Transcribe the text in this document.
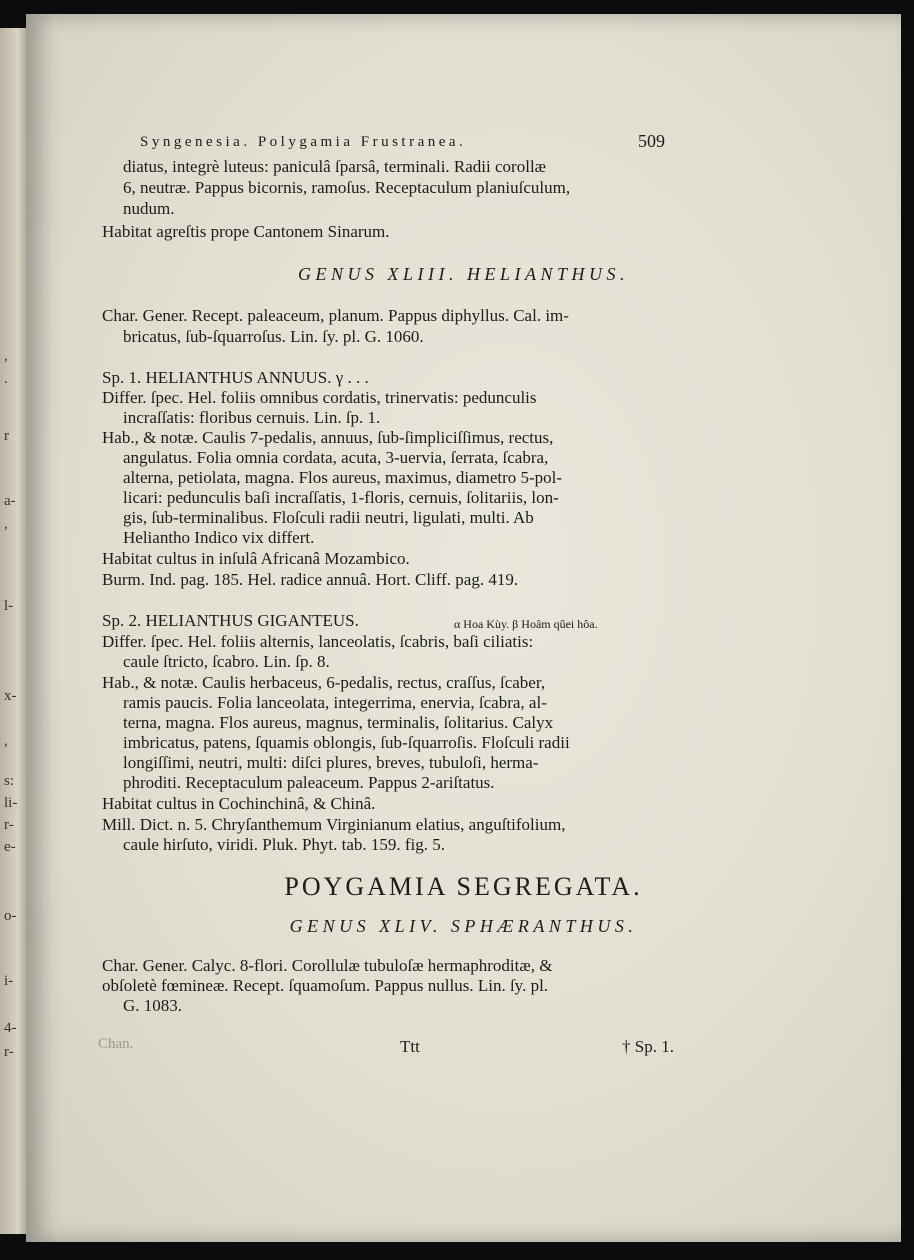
,
.
r
a-
,
l-
x-
,
s:
li-
r-
e-
o-
i-
4-
r-
Syngenesia. Polygamia Frustranea.	509
diatus, integrè luteus: paniculâ ſparsâ, terminali. Radii corollæ
6, neutræ. Pappus bicornis, ramoſus. Receptaculum planiuſculum,
nudum.
Habitat agreſtis prope Cantonem Sinarum.
GENUS XLIII. HELIANTHUS.
Char. Gener. Recept. paleaceum, planum. Pappus diphyllus. Cal. im-
bricatus, ſub-ſquarroſus. Lin. ſy. pl. G. 1060.
Sp. 1. HELIANTHUS ANNUUS. γ . . .
Differ. ſpec. Hel. foliis omnibus cordatis, trinervatis: pedunculis
incraſſatis: floribus cernuis. Lin. ſp. 1.
Hab., & notæ. Caulis 7-pedalis, annuus, ſub-ſimpliciſſimus, rectus,
angulatus. Folia omnia cordata, acuta, 3-uervia, ſerrata, ſcabra,
alterna, petiolata, magna. Flos aureus, maximus, diametro 5-pol-
licari: pedunculis baſi incraſſatis, 1-floris, cernuis, ſolitariis, lon-
gis, ſub-terminalibus. Floſculi radii neutri, ligulati, multi. Ab
Helianthо Indico vix differt.
Habitat cultus in inſulâ Africanâ Mozambico.
Burm. Ind. pag. 185. Hel. radice annuâ. Hort. Cliff. pag. 419.
Sp. 2. HELIANTHUS GIGANTEUS.	α Hoa Kùy. β Hoâm qûei hôa.
Differ. ſpec. Hel. foliis alternis, lanceolatis, ſcabris, baſi ciliatis:
caule ſtricto, ſcabro. Lin. ſp. 8.
Hab., & notæ. Caulis herbaceus, 6-pedalis, rectus, craſſus, ſcaber,
ramis paucis. Folia lanceolata, integerrima, enervia, ſcabra, al-
terna, magna. Flos aureus, magnus, terminalis, ſolitarius. Calyx
imbricatus, patens, ſquamis oblongis, ſub-ſquarroſis. Floſculi radii
longiſſimi, neutri, multi: diſci plures, breves, tubuloſi, herma-
phroditi. Receptaculum paleaceum. Pappus 2-ariſtatus.
Habitat cultus in Cochinchinâ, & Chinâ.
Mill. Dict. n. 5. Chryſanthemum Virginianum elatius, anguſtifolium,
caule hirſuto, viridi. Pluk. Phyt. tab. 159. fig. 5.
POYGAMIA SEGREGATA.
GENUS XLIV. SPHÆRANTHUS.
Char. Gener. Calyc. 8-flori. Corollulæ tubuloſæ hermaphroditæ, &
obſoletè fœmineæ. Recept. ſquamoſum. Pappus nullus. Lin. ſy. pl.
G. 1083.
Chan.	Ttt	† Sp. 1.
